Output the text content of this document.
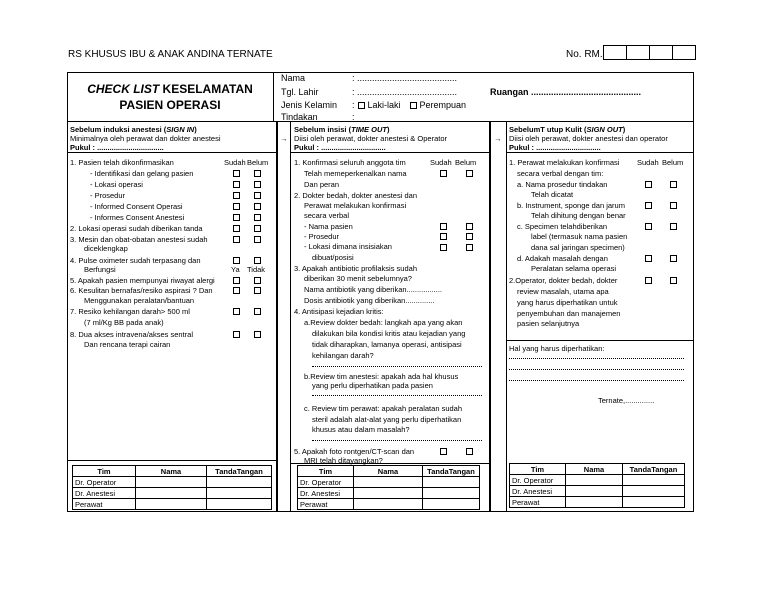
RS KHUSUS IBU & ANAK ANDINA TERNATE	No. RM.
CHECK LIST KESELAMATAN
PASIEN OPERASI
Nama	: ........................................
Tgl. Lahir	: ........................................
Jenis Kelamin :	Laki-laki	Perempuan
Tindakan	:
Ruangan ............................................
Sebelum induksi anestesi (SIGN IN)
Minimalnya oleh perawat dan dokter anestesi
Pukul : ................................
Sudah Belum
1. Pasien telah dikonfirmasikan
- Identifikasi dan gelang pasien
- Lokasi operasi
- Prosedur
- Informed Consent Operasi
- Informes Consent Anestesi
2. Lokasi operasi sudah diberikan tanda
3. Mesin dan obat-obatan anestesi sudah
diceklengkap
4. Pulse oximeter sudah terpasang dan
Berfungsi	Ya Tidak
5. Apakah pasien mempunyai riwayat alergi
6. Kesulitan bernafas/resiko aspirasi ? Dan
Menggunakan peralatan/bantuan
7. Resiko kehilangan darah> 500 ml
(7 ml/Kg BB pada anak)
8. Dua akses intravena/akses sentral
Dan rencana terapi cairan
Tim	Nama	TandaTangan
Dr. Operator		
Dr. Anestesi		
Perawat		
→
Sebelum insisi (TIME OUT)
Diisi oleh perawat, dokter anestesi & Operator
Pukul : ...............................
Sudah Belum
1. Konfirmasi seluruh anggota tim
Telah memeperkenalkan nama
Dan peran
2. Dokter bedah, dokter anestesi dan
Perawat melakukan konfirmasi
secara verbal
- Nama pasien
- Prosedur
- Lokasi dimana insisiakan
dibuat/posisi
3. Apakah antibiotic profilaksis sudah
diberikan 30 menit sebelumnya?
Nama antibiotik yang diberikan.................
Dosis antibiotik yang diberikan..............
4. Antisipasi kejadian kritis:
a.Review dokter bedah: langkah apa yang akan
dilakukan bila kondisi kritis atau kejadian yang
tidak diharapkan, lamanya operasi, antisipasi
kehilangan darah?
b.Review tim anestesi: apakah ada hal khusus
yang perlu diperhatikan pada pasien
c. Review tim perawat: apakah peralatan sudah
steril adalah alat-alat yang perlu diperhatikan
khusus atau dalam masalah?
5. Apakah foto rontgen/CT-scan dan
MRI telah ditayangkan?
Tim	Nama	TandaTangan
Dr. Operator		
Dr. Anestesi		
Perawat		
→
SebelumT utup Kulit (SIGN OUT)
Diisi oleh perawat, dokter anestesi dan operator
Pukul : ...............................
Sudah Belum
1. Perawat melakukan konfirmasi
secara verbal dengan tim:
a. Nama prosedur tindakan
Telah dicatat
b. Instrument, sponge dan jarum
Telah dihitung dengan benar
c. Specimen telahdiberikan
label (termasuk nama pasien
dana sal jaringan specimen)
d. Adakah masalah dengan
Peralatan selama operasi
2.Operator, dokter bedah, dokter
review masalah, utama apa
yang harus diperhatikan untuk
penyembuhan dan manajemen
pasien selanjutnya
Hal yang harus diperhatikan:
Ternate,..............
Tim	Nama	TandaTangan
Dr. Operator		
Dr. Anestesi		
Perawat		
